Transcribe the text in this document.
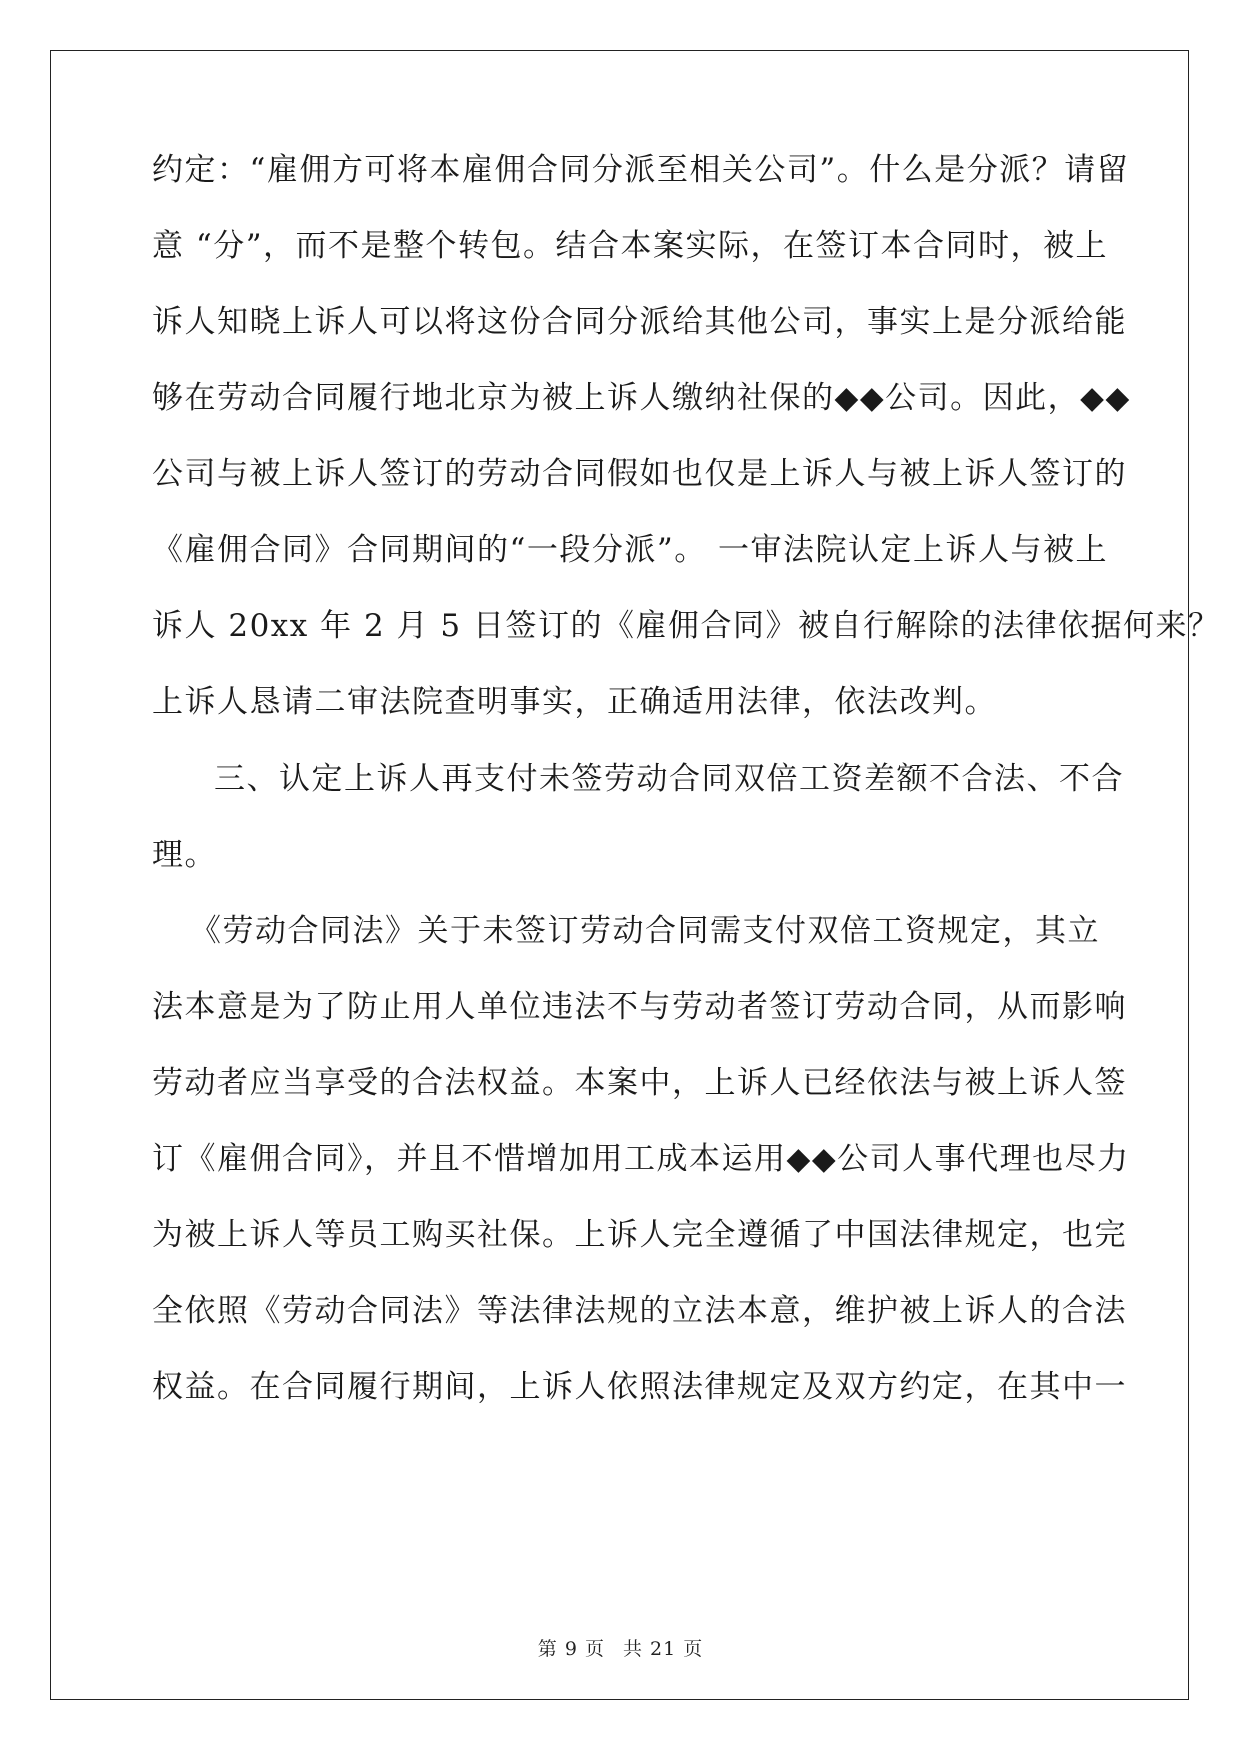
约定：“雇佣方可将本雇佣合同分派至相关公司”。什么是分派？请留
意 “分”，而不是整个转包。结合本案实际，在签订本合同时，被上
诉人知晓上诉人可以将这份合同分派给其他公司，事实上是分派给能
够在劳动合同履行地北京为被上诉人缴纳社保的◆◆公司。因此，◆◆
公司与被上诉人签订的劳动合同假如也仅是上诉人与被上诉人签订的
《雇佣合同》合同期间的“一段分派”。 一审法院认定上诉人与被上
诉人 20xx 年 2 月 5 日签订的《雇佣合同》被自行解除的法律依据何来？
上诉人恳请二审法院查明事实，正确适用法律，依法改判。
三、认定上诉人再支付未签劳动合同双倍工资差额不合法、不合
理。
《劳动合同法》关于未签订劳动合同需支付双倍工资规定，其立
法本意是为了防止用人单位违法不与劳动者签订劳动合同，从而影响
劳动者应当享受的合法权益。本案中，上诉人已经依法与被上诉人签
订《雇佣合同》，并且不惜增加用工成本运用◆◆公司人事代理也尽力
为被上诉人等员工购买社保。上诉人完全遵循了中国法律规定，也完
全依照《劳动合同法》等法律法规的立法本意，维护被上诉人的合法
权益。在合同履行期间，上诉人依照法律规定及双方约定，在其中一
第 9 页 共 21 页
